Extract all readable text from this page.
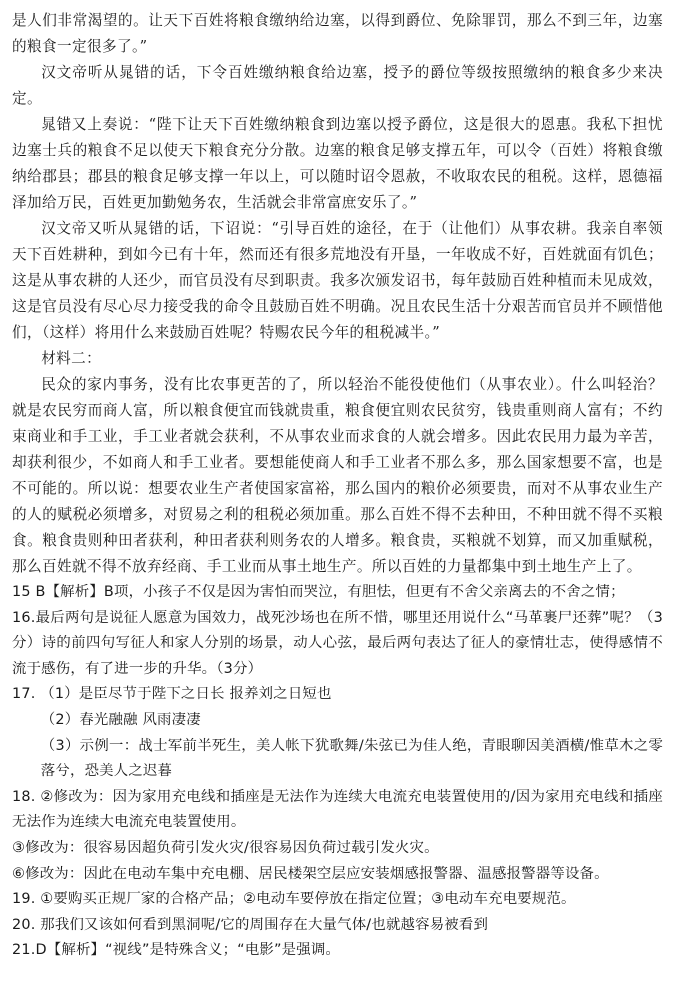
是人们非常渴望的。让天下百姓将粮食缴纳给边塞，以得到爵位、免除罪罚，那么不到三年，边塞的粮食一定很多了。”

汉文帝听从晁错的话，下令百姓缴纳粮食给边塞，授予的爵位等级按照缴纳的粮食多少来决定。

晁错又上奏说：“陛下让天下百姓缴纳粮食到边塞以授予爵位，这是很大的恩惠。我私下担忧边塞士兵的粮食不足以使天下粮食充分分散。边塞的粮食足够支撑五年，可以令（百姓）将粮食缴纳给郡县；郡县的粮食足够支撑一年以上，可以随时诏令恩赦，不收取农民的租税。这样，恩德福泽加给万民，百姓更加勤勉务农，生活就会非常富庶安乐了。”

汉文帝又听从晁错的话，下诏说：“引导百姓的途径，在于（让他们）从事农耕。我亲自率领天下百姓耕种，到如今已有十年，然而还有很多荒地没有开垦，一年收成不好，百姓就面有饥色；这是从事农耕的人还少，而官员没有尽到职责。我多次颁发诏书，每年鼓励百姓种植而未见成效，这是官员没有尽心尽力接受我的命令且鼓励百姓不明确。况且农民生活十分艰苦而官员并不顾惜他们，（这样）将用什么来鼓励百姓呢？特赐农民今年的租税减半。”

材料二：

民众的家内事务，没有比农事更苦的了，所以轻治不能役使他们（从事农业）。什么叫轻治？就是农民穷而商人富，所以粮食便宜而钱就贵重，粮食便宜则农民贫穷，钱贵重则商人富有；不约束商业和手工业，手工业者就会获利，不从事农业而求食的人就会增多。因此农民用力最为辛苦，却获利很少，不如商人和手工业者。要想能使商人和手工业者不那么多，那么国家想要不富，也是不可能的。所以说：想要农业生产者使国家富裕，那么国内的粮价必须要贵，而对不从事农业生产的人的赋税必须增多，对贸易之利的租税必须加重。那么百姓不得不去种田，不种田就不得不买粮食。粮食贵则种田者获利，种田者获利则务农的人增多。粮食贵，买粮就不划算，而又加重赋税，那么百姓就不得不放弃经商、手工业而从事土地生产。所以百姓的力量都集中到土地生产上了。

15 B【解析】B项，小孩子不仅是因为害怕而哭泣，有胆怯，但更有不舍父亲离去的不舍之情；

16.最后两句是说征人愿意为国效力，战死沙场也在所不惜，哪里还用说什么“马革裹尸还葬”呢？（3分）诗的前四句写征人和家人分别的场景，动人心弦，最后两句表达了征人的豪情壮志，使得感情不流于感伤，有了进一步的升华。（3分）

17. （1）是臣尽节于陛下之日长 报养刘之日短也

（2）春光融融 风雨凄凄

（3）示例一：战士军前半死生，美人帐下犹歌舞/朱弦已为佳人绝，青眼聊因美酒横/惟草木之零落兮，恐美人之迟暮

18. ②修改为：因为家用充电线和插座是无法作为连续大电流充电装置使用的/因为家用充电线和插座无法作为连续大电流充电装置使用。

③修改为：很容易因超负荷引发火灾/很容易因负荷过载引发火灾。

⑥修改为：因此在电动车集中充电棚、居民楼架空层应安装烟感报警器、温感报警器等设备。

19. ①要购买正规厂家的合格产品；②电动车要停放在指定位置；③电动车充电要规范。

20. 那我们又该如何看到黑洞呢/它的周围存在大量气体/也就越容易被看到

21.D【解析】“视线”是特殊含义；“电影”是强调。
